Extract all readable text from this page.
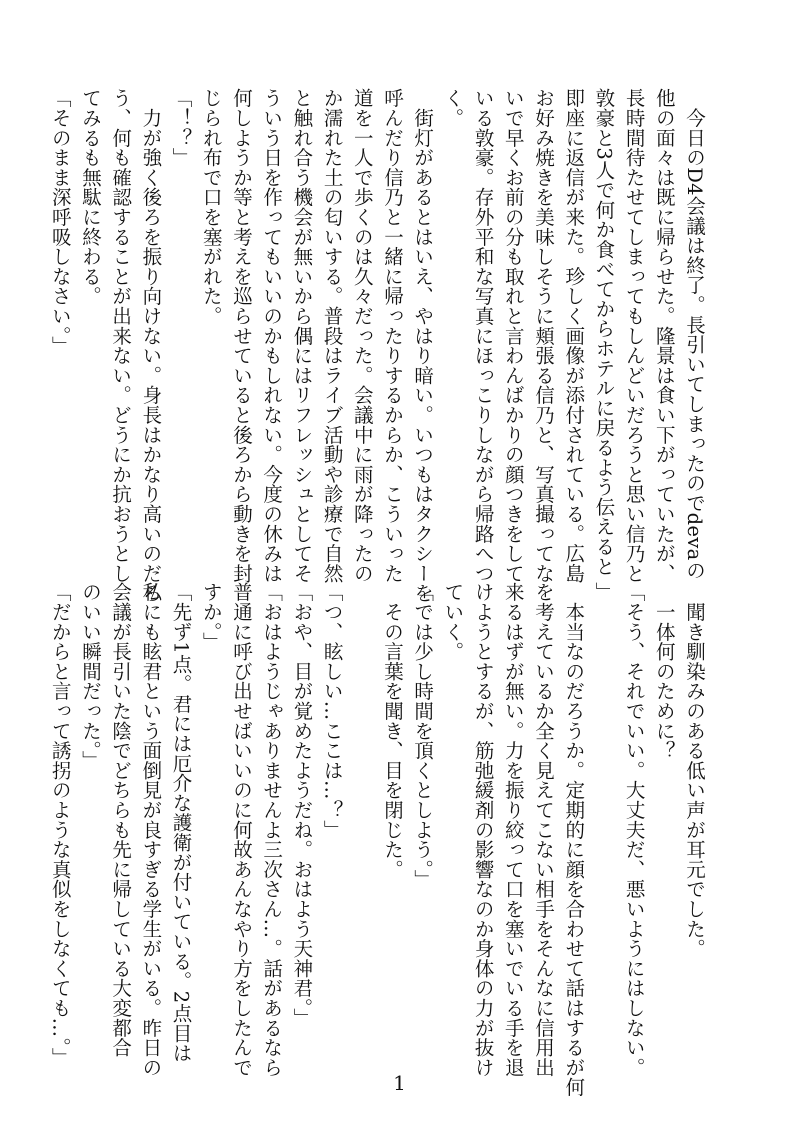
　今日のD4会議は終了。長引いてしまったのでdevaの
他の面々は既に帰らせた。隆景は食い下がっていたが、
長時間待たせてしまってもしんどいだろうと思い信乃と
敦豪と3人で何か食べてからホテルに戻るよう伝えると
即座に返信が来た。珍しく画像が添付されている。広島
お好み焼きを美味しそうに頬張る信乃と、写真撮ってな
いで早くお前の分も取れと言わんばかりの顔つきをして
いる敦豪。存外平和な写真にほっこりしながら帰路へつ
く。
　街灯があるとはいえ、やはり暗い。いつもはタクシーを
呼んだり信乃と一緒に帰ったりするからか、こういった
道を一人で歩くのは久々だった。会議中に雨が降ったの
か濡れた土の匂いする。普段はライブ活動や診療で自然
と触れ合う機会が無いから偶にはリフレッシュとしてそ
ういう日を作ってもいいのかもしれない。今度の休みは
何しようか等と考えを巡らせていると後ろから動きを封
じられ布で口を塞がれた。
「！？」
　力が強く後ろを振り向けない。身長はかなり高いのだろ
う、何も確認することが出来ない。どうにか抗おうとし
てみるも無駄に終わる。
「そのまま深呼吸しなさい。」
　聞き馴染みのある低い声が耳元でした。
　一体何のために？
「そう、それでいい。大丈夫だ、悪いようにはしない。
」
　本当なのだろうか。定期的に顔を合わせて話はするが何
を考えているか全く見えてこない相手をそんなに信用出
来るはずが無い。力を振り絞って口を塞いでいる手を退
けようとするが、筋弛緩剤の影響なのか身体の力が抜け
ていく。
「では少し時間を頂くとしよう。」
　その言葉を聞き、目を閉じた。

「つ、眩しい…ここは…？」
「おや、目が覚めたようだね。おはよう天神君。」
「おはようじゃありませんよ三次さん…。話があるなら
普通に呼び出せばいいのに何故あんなやり方をしたんで
すか。」
「先ず1点。君には厄介な護衛が付いている。2点目は
私にも眩君という面倒見が良すぎる学生がいる。昨日の
会議が長引いた陰でどちらも先に帰している大変都合
のいい瞬間だった。」
「だからと言って誘拐のような真似をしなくても…。」
1
